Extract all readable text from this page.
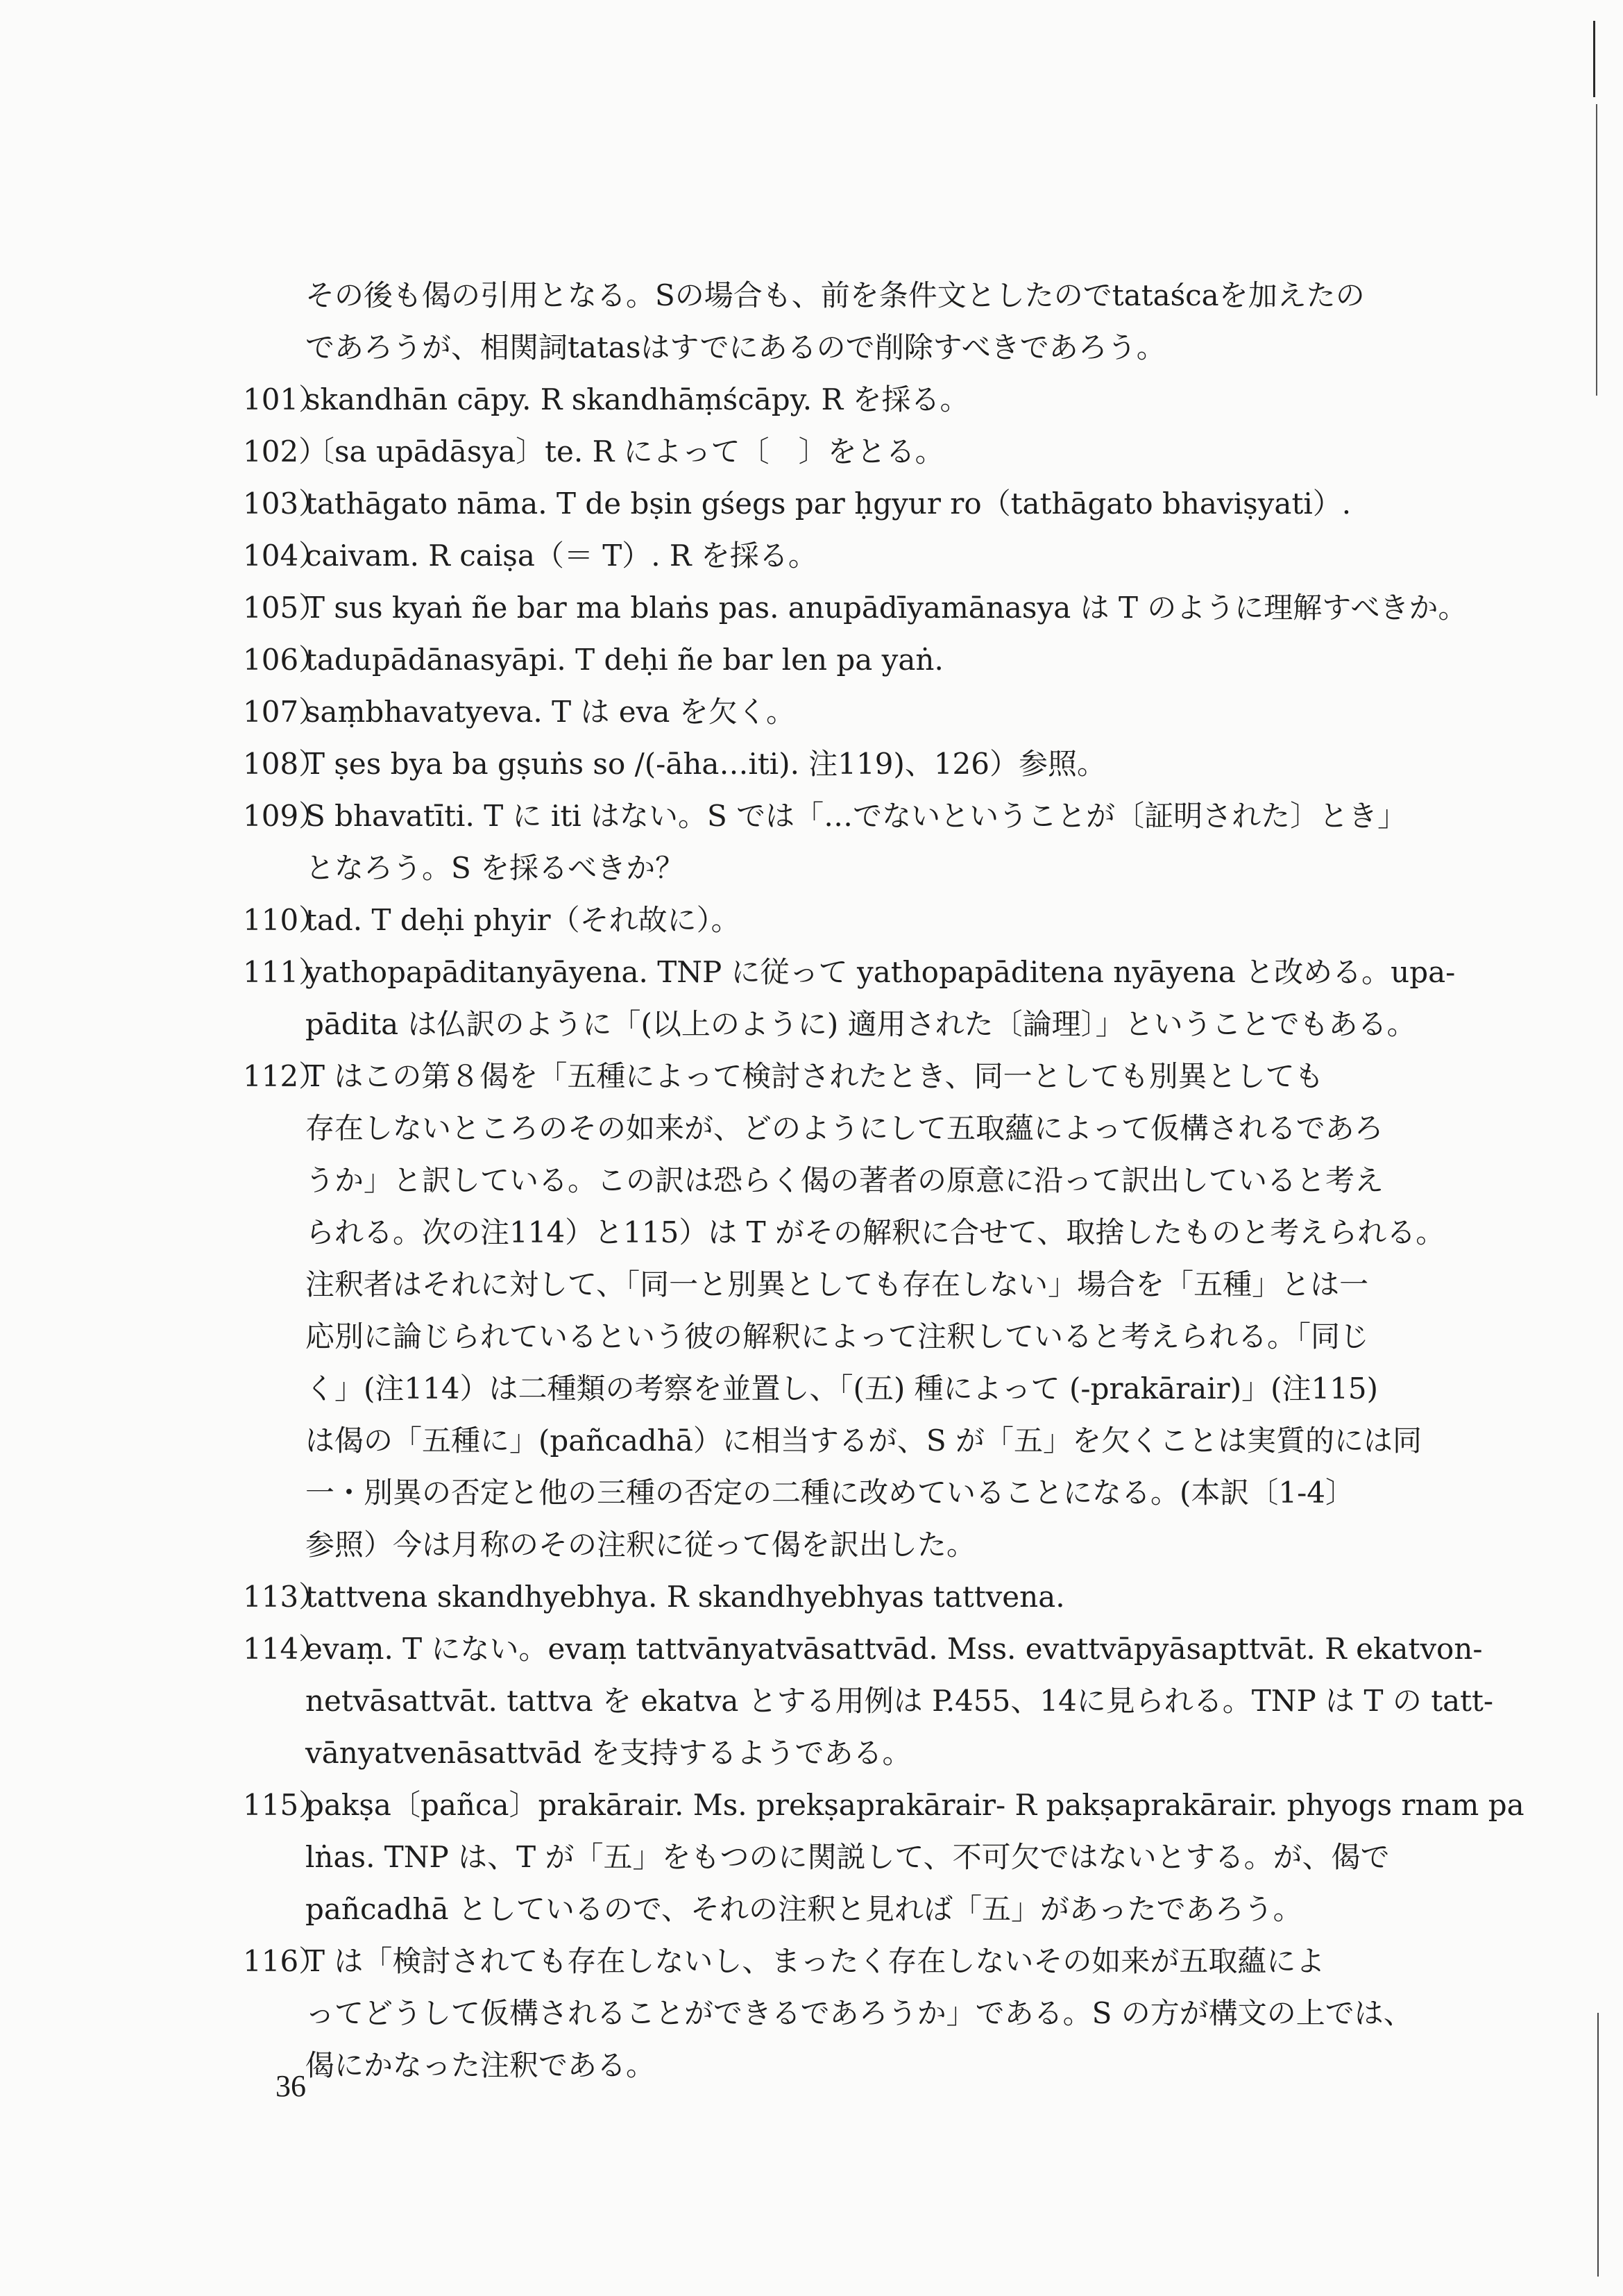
その後も偈の引用となる。Sの場合も、前を条件文としたのでtataścaを加えたの
であろうが、相関詞tatasはすでにあるので削除すべきであろう。
101）
skandhān cāpy. R skandhāṃścāpy. R を採る。
102）
〔sa upādāsya〕te. R によって〔　〕をとる。
103）
tathāgato nāma. T de bṣin gśegs par ḥgyur ro（tathāgato bhaviṣyati）.
104）
caivam. R caiṣa（＝ T）. R を採る。
105）
T sus kyaṅ ñe bar ma blaṅs pas. anupādīyamānasya は T のように理解すべきか。
106）
tadupādānasyāpi. T deḥi ñe bar len pa yaṅ.
107）
saṃbhavatyeva. T は eva を欠く。
108）
T ṣes bya ba gṣuṅs so /(-āha…iti). 注119)、126）参照。
109）
S bhavatīti. T に iti はない。S では「…でないということが〔証明された〕とき」
となろう。S を採るべきか？
110）
tad. T deḥi phyir（それ故に）。
111）
yathopapāditanyāyena. TNP に従って yathopapāditena nyāyena と改める。upa-
pādita は仏訳のように「(以上のように) 適用された〔論理〕」ということでもある。
112）
T はこの第８偈を「五種によって検討されたとき、同一としても別異としても
存在しないところのその如来が、どのようにして五取蘊によって仮構されるであろ
うか」と訳している。この訳は恐らく偈の著者の原意に沿って訳出していると考え
られる。次の注114）と115）は T がその解釈に合せて、取捨したものと考えられる。
注釈者はそれに対して、「同一と別異としても存在しない」場合を「五種」とは一
応別に論じられているという彼の解釈によって注釈していると考えられる。「同じ
く」(注114）は二種類の考察を並置し、「(五) 種によって (-prakārair)」(注115)
は偈の「五種に」(pañcadhā）に相当するが、S が「五」を欠くことは実質的には同
一・別異の否定と他の三種の否定の二種に改めていることになる。(本訳〔1-4〕
参照）今は月称のその注釈に従って偈を訳出した。
113）
tattvena skandhyebhya. R skandhyebhyas tattvena.
114）
evaṃ. T にない。evaṃ tattvānyatvāsattvād. Mss. evattvāpyāsapttvāt. R ekatvon-
netvāsattvāt. tattva を ekatva とする用例は P.455、14に見られる。TNP は T の tatt-
vānyatvenāsattvād を支持するようである。
115）
pakṣa〔pañca〕prakārair. Ms. prekṣaprakārair- R pakṣaprakārair. phyogs rnam pa
lṅas. TNP は、T が「五」をもつのに関説して、不可欠ではないとする。が、偈で
pañcadhā としているので、それの注釈と見れば「五」があったであろう。
116）
T は「検討されても存在しないし、まったく存在しないその如来が五取蘊によ
ってどうして仮構されることができるであろうか」である。S の方が構文の上では、
偈にかなった注釈である。
36
